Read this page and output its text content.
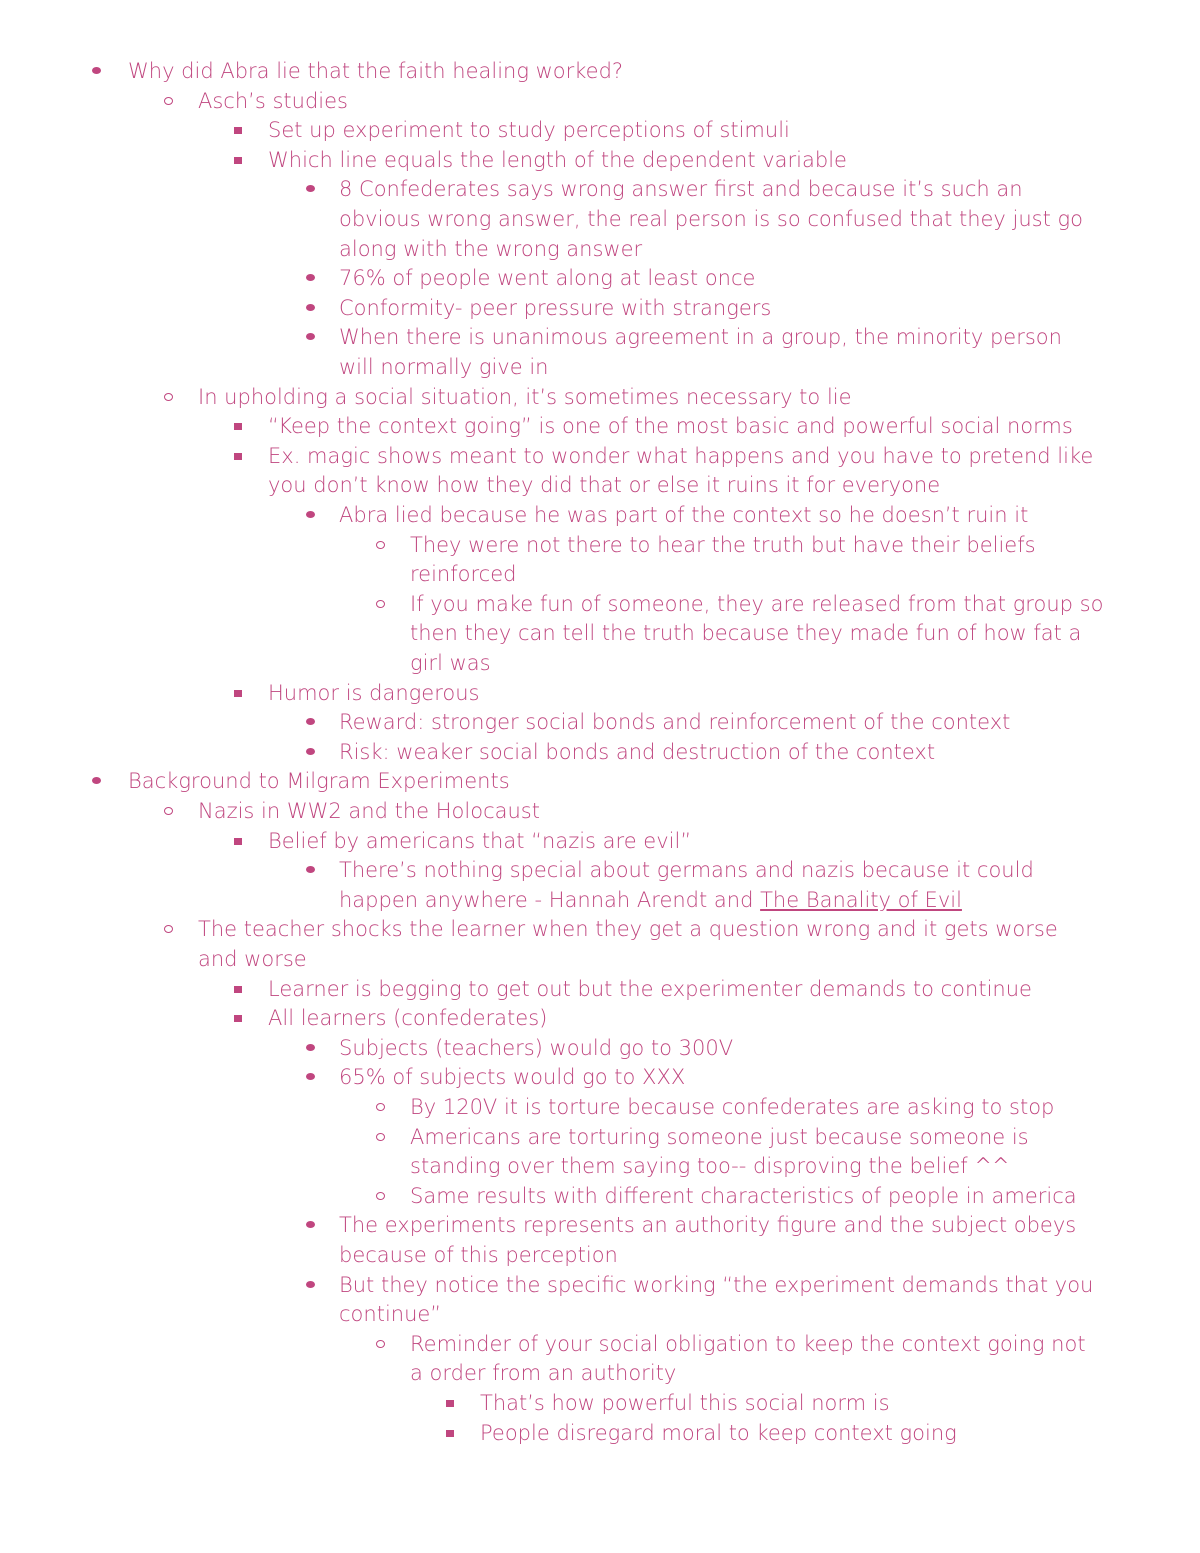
Why did Abra lie that the faith healing worked?
Asch’s studies
Set up experiment to study perceptions of stimuli
Which line equals the length of the dependent variable
8 Confederates says wrong answer first and because it’s such an
obvious wrong answer, the real person is so confused that they just go
along with the wrong answer
76% of people went along at least once
Conformity- peer pressure with strangers
When there is unanimous agreement in a group, the minority person
will normally give in
In upholding a social situation, it’s sometimes necessary to lie
“Keep the context going” is one of the most basic and powerful social norms
Ex. magic shows meant to wonder what happens and you have to pretend like
you don’t know how they did that or else it ruins it for everyone
Abra lied because he was part of the context so he doesn’t ruin it
They were not there to hear the truth but have their beliefs
reinforced
If you make fun of someone, they are released from that group so
then they can tell the truth because they made fun of how fat a
girl was
Humor is dangerous
Reward: stronger social bonds and reinforcement of the context
Risk: weaker social bonds and destruction of the context
Background to Milgram Experiments
Nazis in WW2 and the Holocaust
Belief by americans that “nazis are evil”
There’s nothing special about germans and nazis because it could
happen anywhere - Hannah Arendt and The Banality of Evil
The teacher shocks the learner when they get a question wrong and it gets worse
and worse
Learner is begging to get out but the experimenter demands to continue
All learners (confederates)
Subjects (teachers) would go to 300V
65% of subjects would go to XXX
By 120V it is torture because confederates are asking to stop
Americans are torturing someone just because someone is
standing over them saying too-- disproving the belief ^^
Same results with different characteristics of people in america
The experiments represents an authority figure and the subject obeys
because of this perception
But they notice the specific working “the experiment demands that you
continue”
Reminder of your social obligation to keep the context going not
a order from an authority
That’s how powerful this social norm is
People disregard moral to keep context going
